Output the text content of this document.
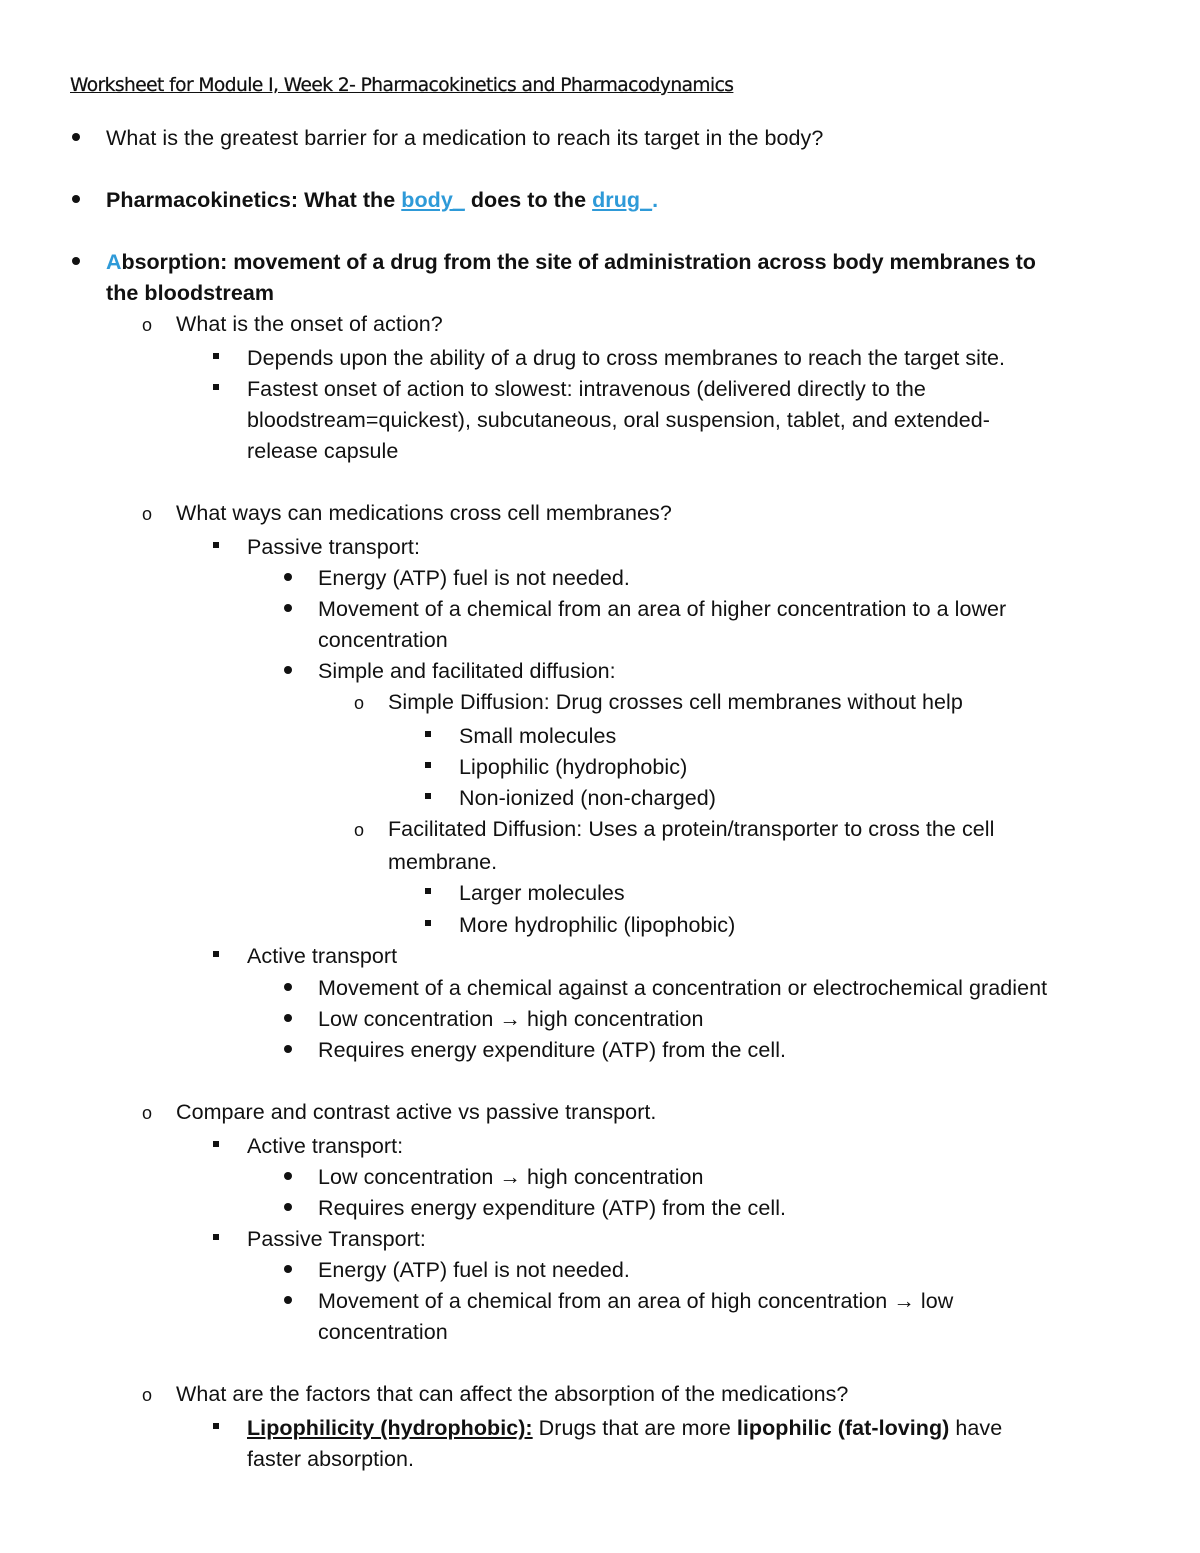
Worksheet for Module I, Week 2- Pharmacokinetics and Pharmacodynamics
What is the greatest barrier for a medication to reach its target in the body?
Pharmacokinetics: What the body_ does to the drug_.
Absorption: movement of a drug from the site of administration across body membranes to
the bloodstream
o What is the onset of action?
Depends upon the ability of a drug to cross membranes to reach the target site.
Fastest onset of action to slowest: intravenous (delivered directly to the
bloodstream=quickest), subcutaneous, oral suspension, tablet, and extended-
release capsule
o What ways can medications cross cell membranes?
Passive transport:
Energy (ATP) fuel is not needed.
Movement of a chemical from an area of higher concentration to a lower
concentration
Simple and facilitated diffusion:
o Simple Diffusion: Drug crosses cell membranes without help
Small molecules
Lipophilic (hydrophobic)
Non-ionized (non-charged)
o Facilitated Diffusion: Uses a protein/transporter to cross the cell
membrane.
Larger molecules
More hydrophilic (lipophobic)
Active transport
Movement of a chemical against a concentration or electrochemical gradient
Low concentration → high concentration
Requires energy expenditure (ATP) from the cell.
o Compare and contrast active vs passive transport.
Active transport:
Low concentration → high concentration
Requires energy expenditure (ATP) from the cell.
Passive Transport:
Energy (ATP) fuel is not needed.
Movement of a chemical from an area of high concentration → low
concentration
o What are the factors that can affect the absorption of the medications?
Lipophilicity (hydrophobic): Drugs that are more lipophilic (fat-loving) have
faster absorption.
